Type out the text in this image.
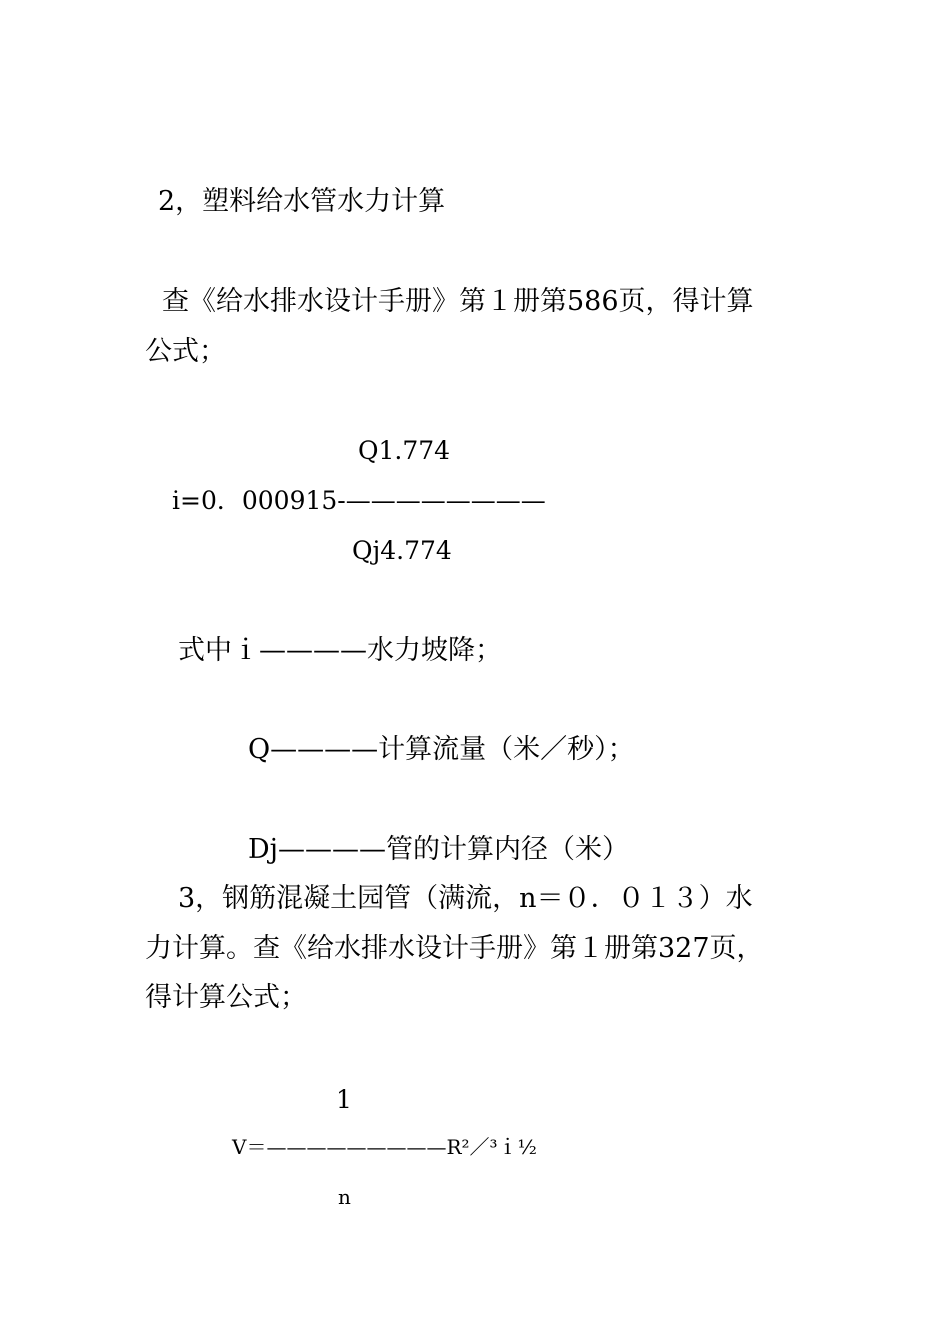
2，塑料给水管水力计算
查《给水排水设计手册》第１册第586页，得计算
公式；
Q1.774
i=0．000915-————————
Qj4.774
式中ｉ————水力坡降；
Q————计算流量（米／秒）；
Dj————管的计算内径（米）
3，钢筋混凝土园管（满流，n＝０．０１３）水
力计算。查《给水排水设计手册》第１册第327页，
得计算公式；
1
V＝—————————R²／³ｉ½
n
